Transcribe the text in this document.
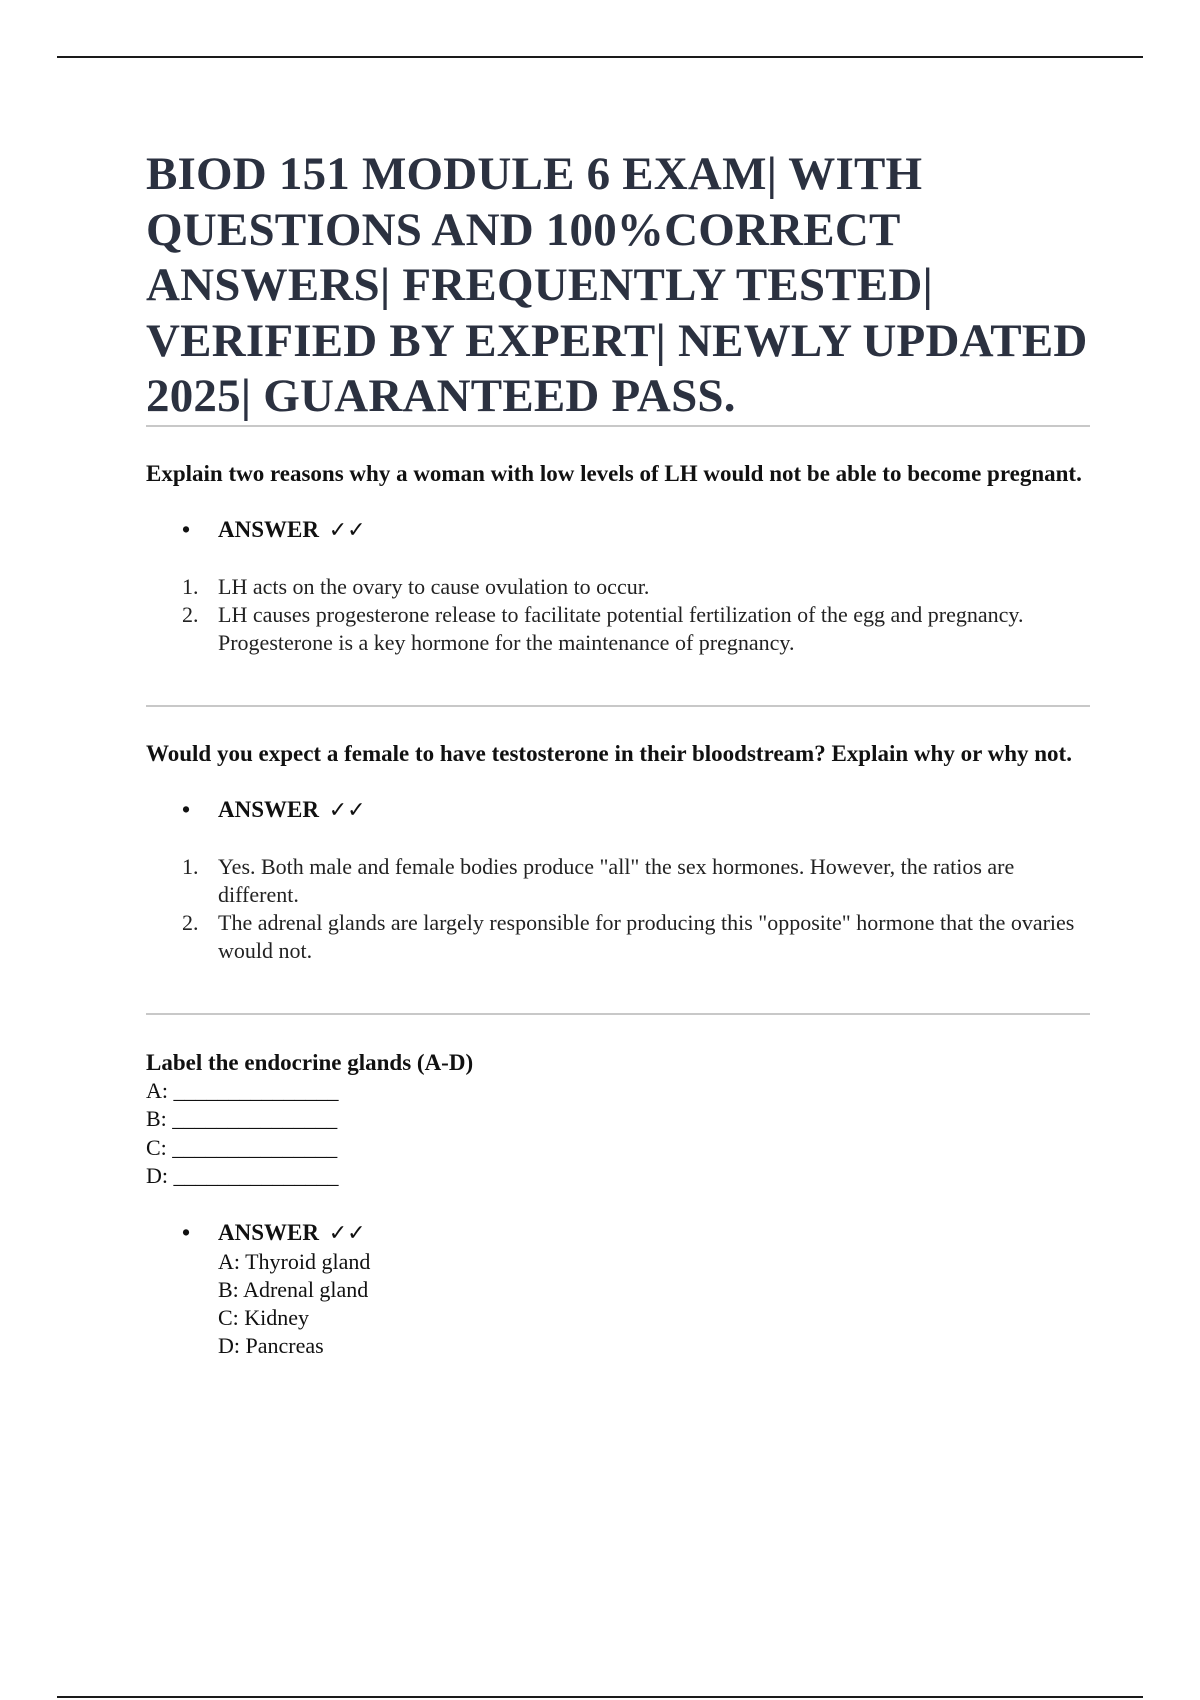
BIOD 151 MODULE 6 EXAM| WITH QUESTIONS AND 100%CORRECT ANSWERS| FREQUENTLY TESTED| VERIFIED BY EXPERT| NEWLY UPDATED 2025| GUARANTEED PASS.

Explain two reasons why a woman with low levels of LH would not be able to become pregnant.

• ANSWER ✓✓
1. LH acts on the ovary to cause ovulation to occur.
2. LH causes progesterone release to facilitate potential fertilization of the egg and pregnancy. Progesterone is a key hormone for the maintenance of pregnancy.

Would you expect a female to have testosterone in their bloodstream? Explain why or why not.

• ANSWER ✓✓
1. Yes. Both male and female bodies produce "all" the sex hormones. However, the ratios are different.
2. The adrenal glands are largely responsible for producing this "opposite" hormone that the ovaries would not.

Label the endocrine glands (A-D)

A: _______________
B: _______________
C: _______________
D: _______________
• ANSWER ✓✓
A: Thyroid gland
B: Adrenal gland
C: Kidney
D: Pancreas
